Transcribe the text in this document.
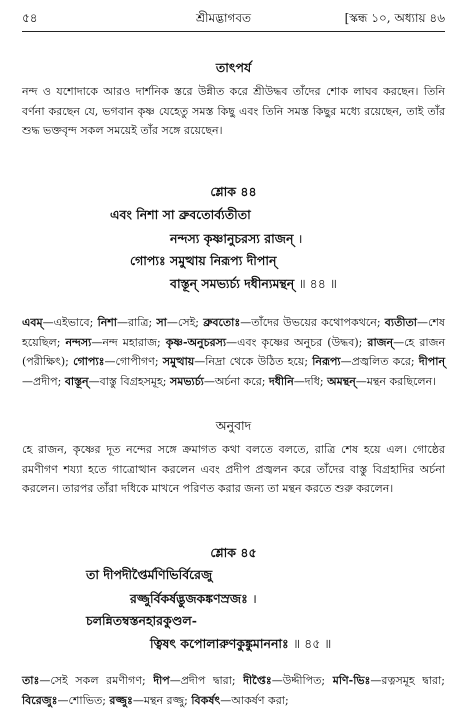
৫৪	শ্রীমদ্ভাগবত	[স্কন্ধ ১০, অধ্যায় ৪৬
তাৎপর্য
নন্দ ও যশোদাকে আরও দার্শনিক স্তরে উন্নীত করে শ্রীউদ্ধব তাঁদের শোক লাঘব করছেন। তিনি বর্ণনা করছেন যে, ভগবান কৃষ্ণ যেহেতু সমস্ত কিছু এবং তিনি সমস্ত কিছুর মধ্যে রয়েছেন, তাই তাঁর শুদ্ধ ভক্তবৃন্দ সকল সময়েই তাঁর সঙ্গে রয়েছেন।
শ্লোক ৪৪
এবং নিশা সা ব্রুবতোর্ব্যতীতা
নন্দস্য কৃষ্ণানুচরস্য রাজন্ ।
গোপ্যঃ সমুত্থায় নিরূপ্য দীপান্
বাস্তূন্ সমভ্যর্চ্য দধীন্যমন্থন্ ॥ ৪৪ ॥
এবম্—এইভাবে; নিশা—রাত্রি; সা—সেই; ব্রুবতোঃ—তাঁদের উভয়ের কথোপকথনে; ব্যতীতা—শেষ হয়েছিল; নন্দস্য—নন্দ মহারাজ; কৃষ্ণ-অনুচরস্য—এবং কৃষ্ণের অনুচর (উদ্ধব); রাজন্—হে রাজন (পরীক্ষিৎ); গোপ্যঃ—গোপীগণ; সমুত্থায়—নিদ্রা থেকে উঠিত হয়ে; নিরূপ্য—প্রজ্বলিত করে; দীপান্—প্রদীপ; বাস্তূন্—বাস্তু বিগ্রহসমূহ; সমভ্যর্চ্য—অর্চনা করে; দধীনি—দধি; অমন্থন্—মন্থন করছিলেন।
অনুবাদ
হে রাজন, কৃষ্ণের দূত নন্দের সঙ্গে ক্রমাগত কথা বলতে বলতে, রাত্রি শেষ হয়ে এল। গোষ্ঠের রমণীগণ শয্যা হতে গাত্রোত্থান করলেন এবং প্রদীপ প্রজ্বলন করে তাঁদের বাস্তু বিগ্রহাদির অর্চনা করলেন। তারপর তাঁরা দধিকে মাখনে পরিণত করার জন্য তা মন্থন করতে শুরু করলেন।
শ্লোক ৪৫
তা দীপদীপ্তৈর্মণিভির্বিরেজু
রজ্জুর্বিকর্ষদ্ভুজকঙ্কণস্রজঃ ।
চলন্নিতম্বস্তনহারকুণ্ডল-
ত্বিষৎ কপোলারুণকুঙ্কুমাননাঃ ॥ ৪৫ ॥
তাঃ—সেই সকল রমণীগণ; দীপ—প্রদীপ দ্বারা; দীপ্তৈঃ—উদ্দীপিত; মণি-ভিঃ—রত্নসমূহ দ্বারা; বিরেজুঃ—শোভিত; রজ্জুঃ—মন্থন রজ্জু; বিকর্ষৎ—আকর্ষণ করা;
